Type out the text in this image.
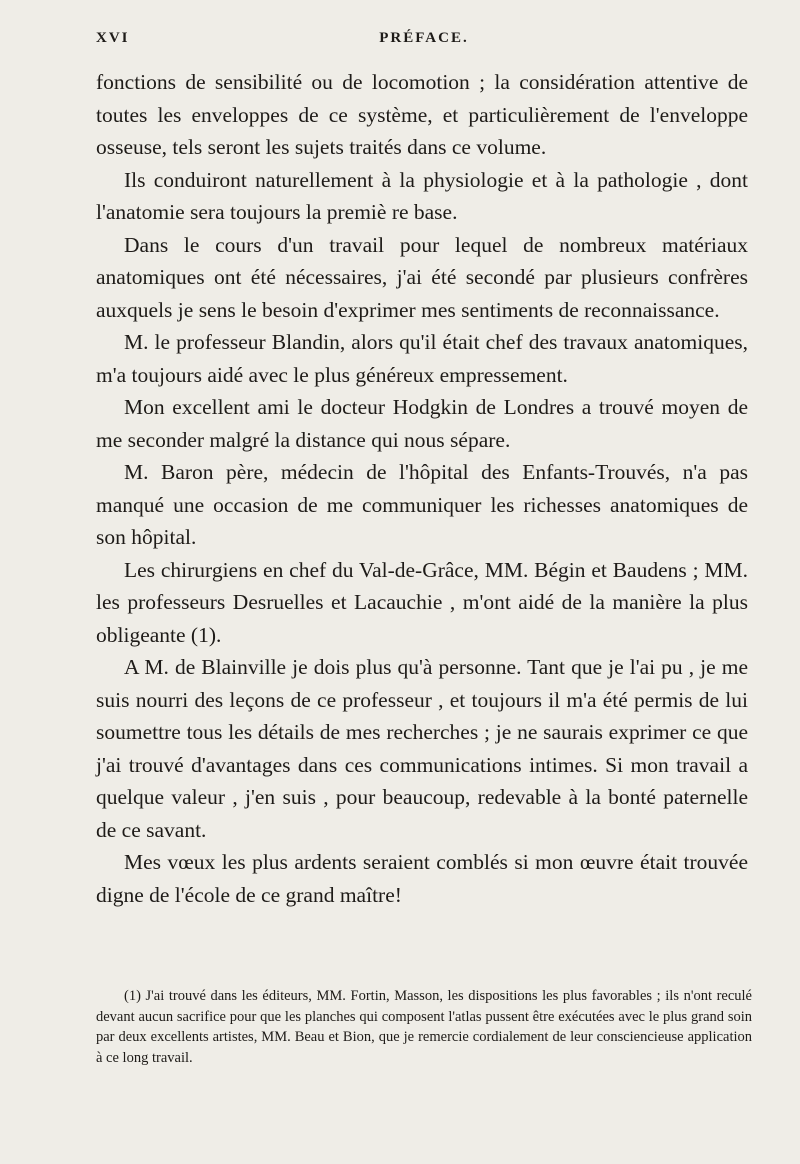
XVI	PRÉFACE.

fonctions de sensibilité ou de locomotion ; la considération attentive de toutes les enveloppes de ce système, et particulièrement de l'enveloppe osseuse, tels seront les sujets traités dans ce volume.

Ils conduiront naturellement à la physiologie et à la pathologie , dont l'anatomie sera toujours la premiè re base.

Dans le cours d'un travail pour lequel de nombreux matériaux anatomiques ont été nécessaires, j'ai été secondé par plusieurs confrères auxquels je sens le besoin d'exprimer mes sentiments de reconnaissance.

M. le professeur Blandin, alors qu'il était chef des travaux anatomiques, m'a toujours aidé avec le plus généreux empressement.

Mon excellent ami le docteur Hodgkin de Londres a trouvé moyen de me seconder malgré la distance qui nous sépare.

M. Baron père, médecin de l'hôpital des Enfants-Trouvés, n'a pas manqué une occasion de me communiquer les richesses anatomiques de son hôpital.

Les chirurgiens en chef du Val-de-Grâce, MM. Bégin et Baudens ; MM. les professeurs Desruelles et Lacauchie , m'ont aidé de la manière la plus obligeante (1).

A M. de Blainville je dois plus qu'à personne. Tant que je l'ai pu , je me suis nourri des leçons de ce professeur , et toujours il m'a été permis de lui soumettre tous les détails de mes recherches ; je ne saurais exprimer ce que j'ai trouvé d'avantages dans ces communications intimes. Si mon travail a quelque valeur , j'en suis , pour beaucoup, redevable à la bonté paternelle de ce savant.

Mes vœux les plus ardents seraient comblés si mon œuvre était trouvée digne de l'école de ce grand maître!

(1) J'ai trouvé dans les éditeurs, MM. Fortin, Masson, les dispositions les plus favorables ; ils n'ont reculé devant aucun sacrifice pour que les planches qui composent l'atlas pussent être exécutées avec le plus grand soin par deux excellents artistes, MM. Beau et Bion, que je remercie cordialement de leur consciencieuse application à ce long travail.
